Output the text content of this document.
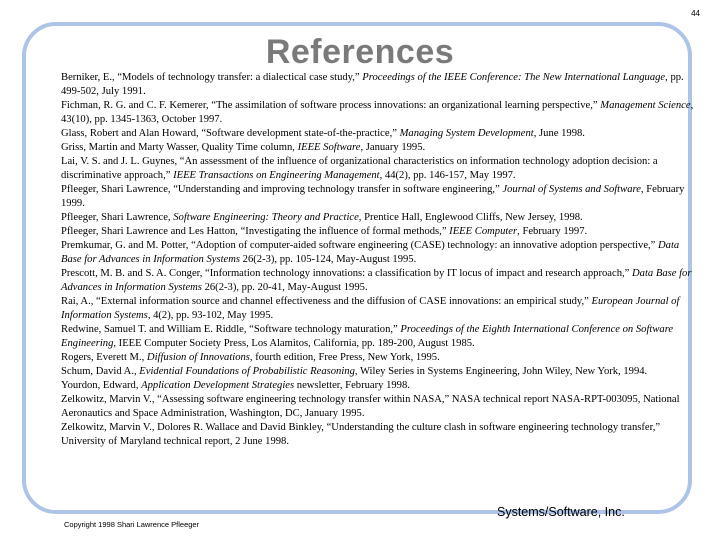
44
References

Berniker, E., “Models of technology transfer: a dialectical case study,” Proceedings of the IEEE Conference: The New International Language, pp. 499-502, July 1991.

Fichman, R. G. and C. F. Kemerer, “The assimilation of software process innovations: an organizational learning perspective,” Management Science, 43(10), pp. 1345-1363, October 1997.

Glass, Robert and Alan Howard, “Software development state-of-the-practice,” Managing System Development, June 1998.

Griss, Martin and Marty Wasser, Quality Time column, IEEE Software, January 1995.

Lai, V. S. and J. L. Guynes, “An assessment of the influence of organizational characteristics on information technology adoption decision: a discriminative approach,” IEEE Transactions on Engineering Management, 44(2), pp. 146-157, May 1997.

Pfleeger, Shari Lawrence, “Understanding and improving technology transfer in software engineering,” Journal of Systems and Software, February 1999.

Pfleeger, Shari Lawrence, Software Engineering: Theory and Practice, Prentice Hall, Englewood Cliffs, New Jersey, 1998.

Pfleeger, Shari Lawrence and Les Hatton, “Investigating the influence of formal methods,” IEEE Computer, February 1997.

Premkumar, G. and M. Potter, “Adoption of computer-aided software engineering (CASE) technology: an innovative adoption perspective,” Data Base for Advances in Information Systems 26(2-3), pp. 105-124, May-August 1995.

Prescott, M. B. and S. A. Conger, “Information technology innovations: a classification by IT locus of impact and research approach,” Data Base for Advances in Information Systems 26(2-3), pp. 20-41, May-August 1995.

Rai, A., “External information source and channel effectiveness and the diffusion of CASE innovations: an empirical study,” European Journal of Information Systems, 4(2), pp. 93-102, May 1995.

Redwine, Samuel T. and William E. Riddle, “Software technology maturation,” Proceedings of the Eighth International Conference on Software Engineering, IEEE Computer Society Press, Los Alamitos, California, pp. 189-200, August 1985.

Rogers, Everett M., Diffusion of Innovations, fourth edition, Free Press, New York, 1995.

Schum, David A., Evidential Foundations of Probabilistic Reasoning, Wiley Series in Systems Engineering, John Wiley, New York, 1994.

Yourdon, Edward, Application Development Strategies newsletter, February 1998.

Zelkowitz, Marvin V., “Assessing software engineering technology transfer within NASA,” NASA technical report NASA-RPT-003095, National Aeronautics and Space Administration, Washington, DC, January 1995.

Zelkowitz, Marvin V., Dolores R. Wallace and David Binkley, “Understanding the culture clash in software engineering technology transfer,” University of Maryland technical report, 2 June 1998.

Copyright 1998 Shari Lawrence Pfleeger
Systems/Software, Inc.
